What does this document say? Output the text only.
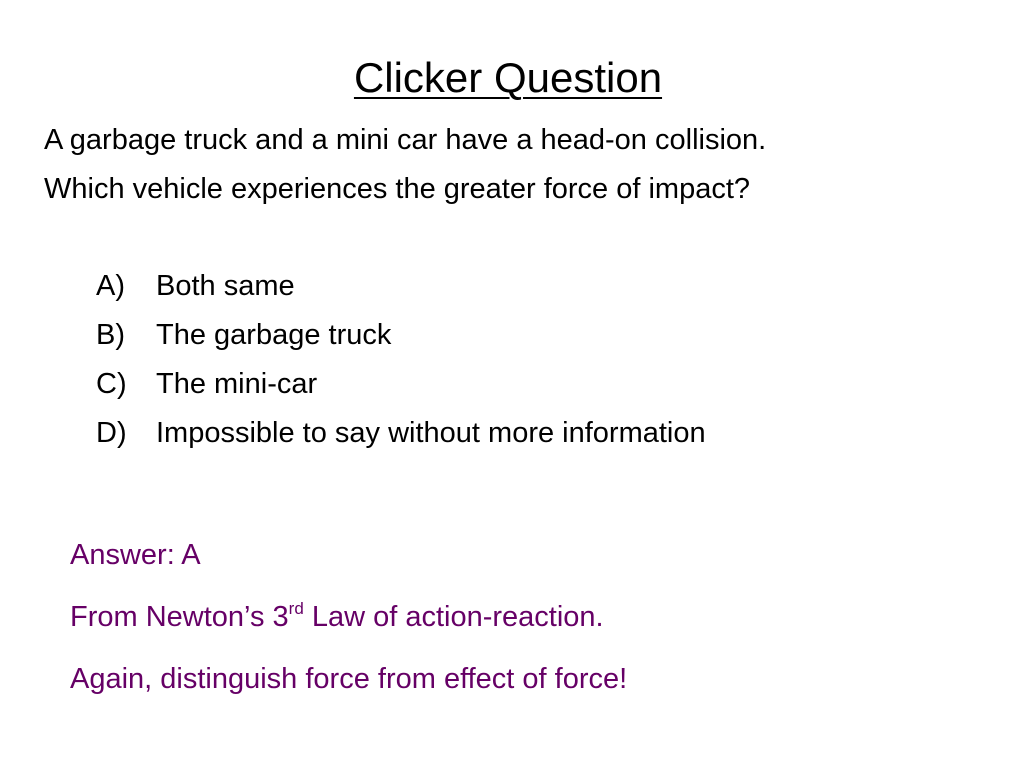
Clicker Question
A garbage truck and a mini car have a head-on collision.
Which vehicle experiences the greater force of impact?
A)	Both same
B)	The garbage truck
C)	The mini-car
D)	Impossible to say without more information
Answer: A
From Newton’s 3rd Law of action-reaction.
Again, distinguish force from effect of force!
